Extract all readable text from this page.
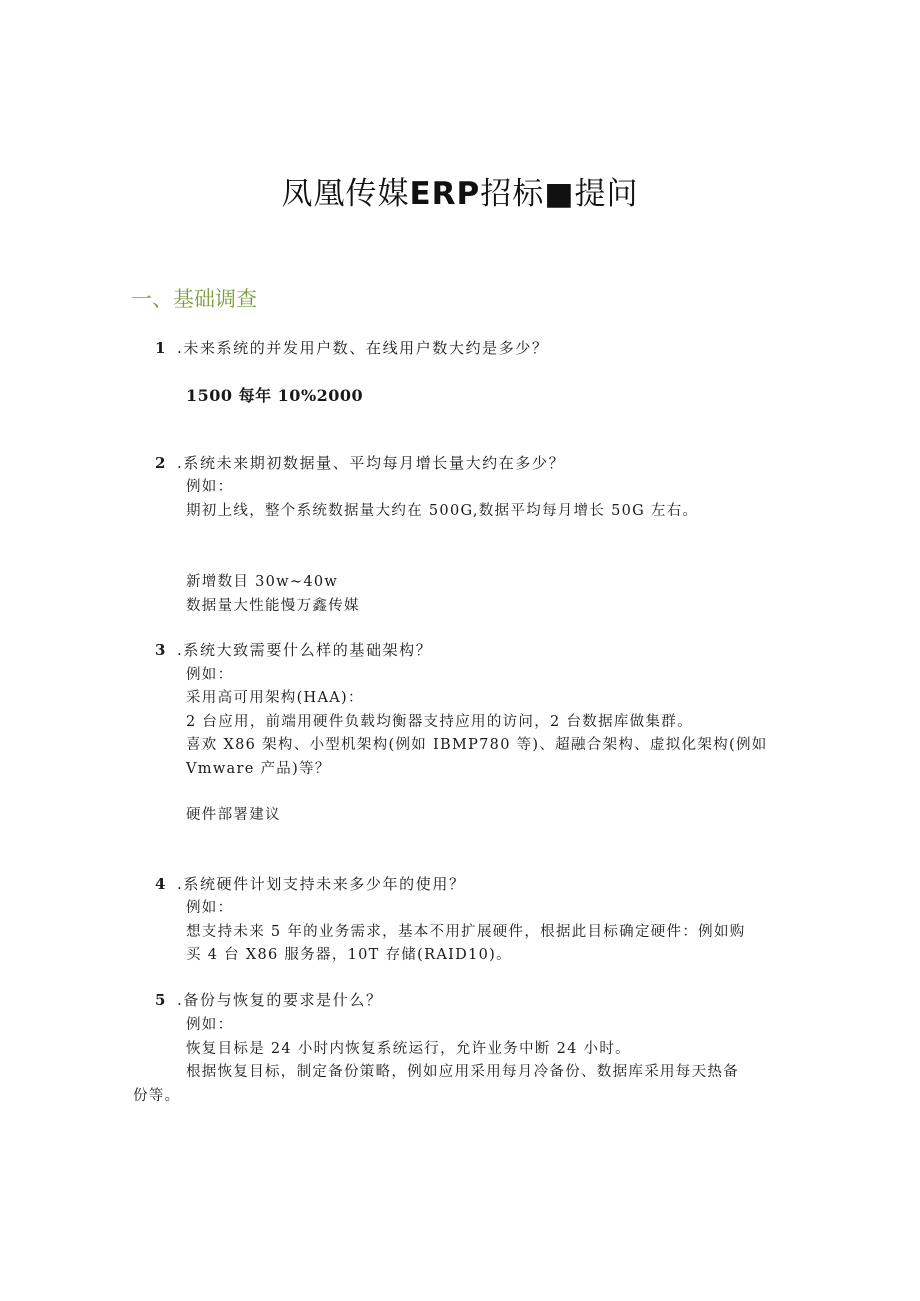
凤凰传媒ERP招标■提问
一、基础调查
1 .未来系统的并发用户数、在线用户数大约是多少？
1500 每年 10%2000
2 .系统未来期初数据量、平均每月增长量大约在多少？
例如：
期初上线，整个系统数据量大约在 500G,数据平均每月增长 50G 左右。
新增数目 30w~40w
数据量大性能慢万鑫传媒
3 .系统大致需要什么样的基础架构？
例如：
采用高可用架构(HAA)：
2 台应用，前端用硬件负载均衡器支持应用的访问，2 台数据库做集群。
喜欢 X86 架构、小型机架构(例如 IBMP780 等)、超融合架构、虚拟化架构(例如
Vmware 产品)等？
硬件部署建议
4 .系统硬件计划支持未来多少年的使用？
例如：
想支持未来 5 年的业务需求，基本不用扩展硬件，根据此目标确定硬件：例如购
买 4 台 X86 服务器，10T 存储(RAID10)。
5 .备份与恢复的要求是什么？
例如：
恢复目标是 24 小时内恢复系统运行，允许业务中断 24 小时。
根据恢复目标，制定备份策略，例如应用采用每月冷备份、数据库采用每天热备
份等。
